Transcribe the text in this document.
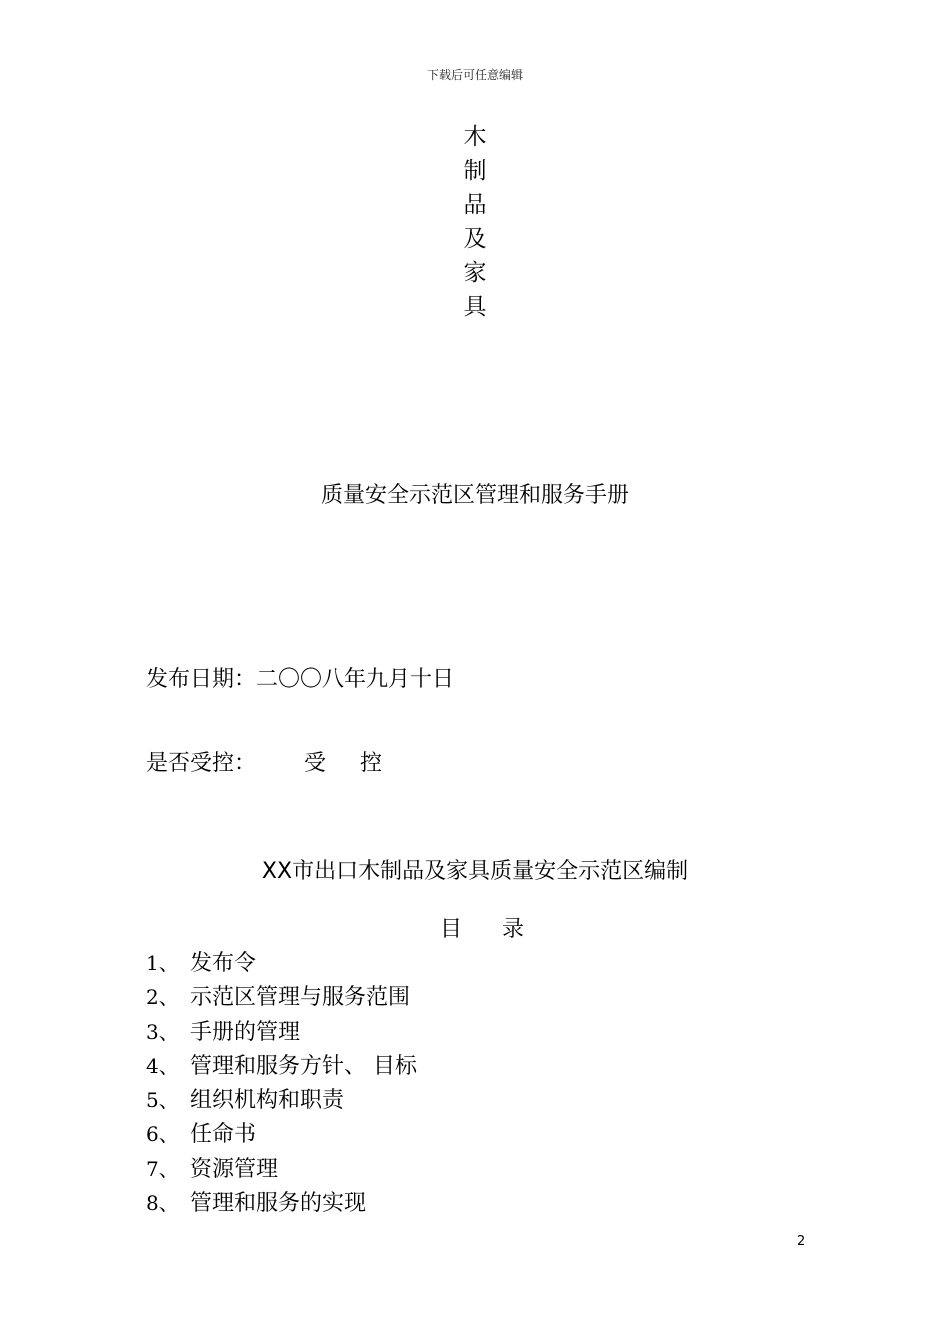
下载后可任意编辑
木
制
品
及
家
具
质量安全示范区管理和服务手册
发布日期：二〇〇八年九月十日
是否受控： 受控
XX市出口木制品及家具质量安全示范区编制
目录
1、 发布令
2、 示范区管理与服务范围
3、 手册的管理
4、 管理和服务方针、 目标
5、 组织机构和职责
6、 任命书
7、 资源管理
8、 管理和服务的实现
2
